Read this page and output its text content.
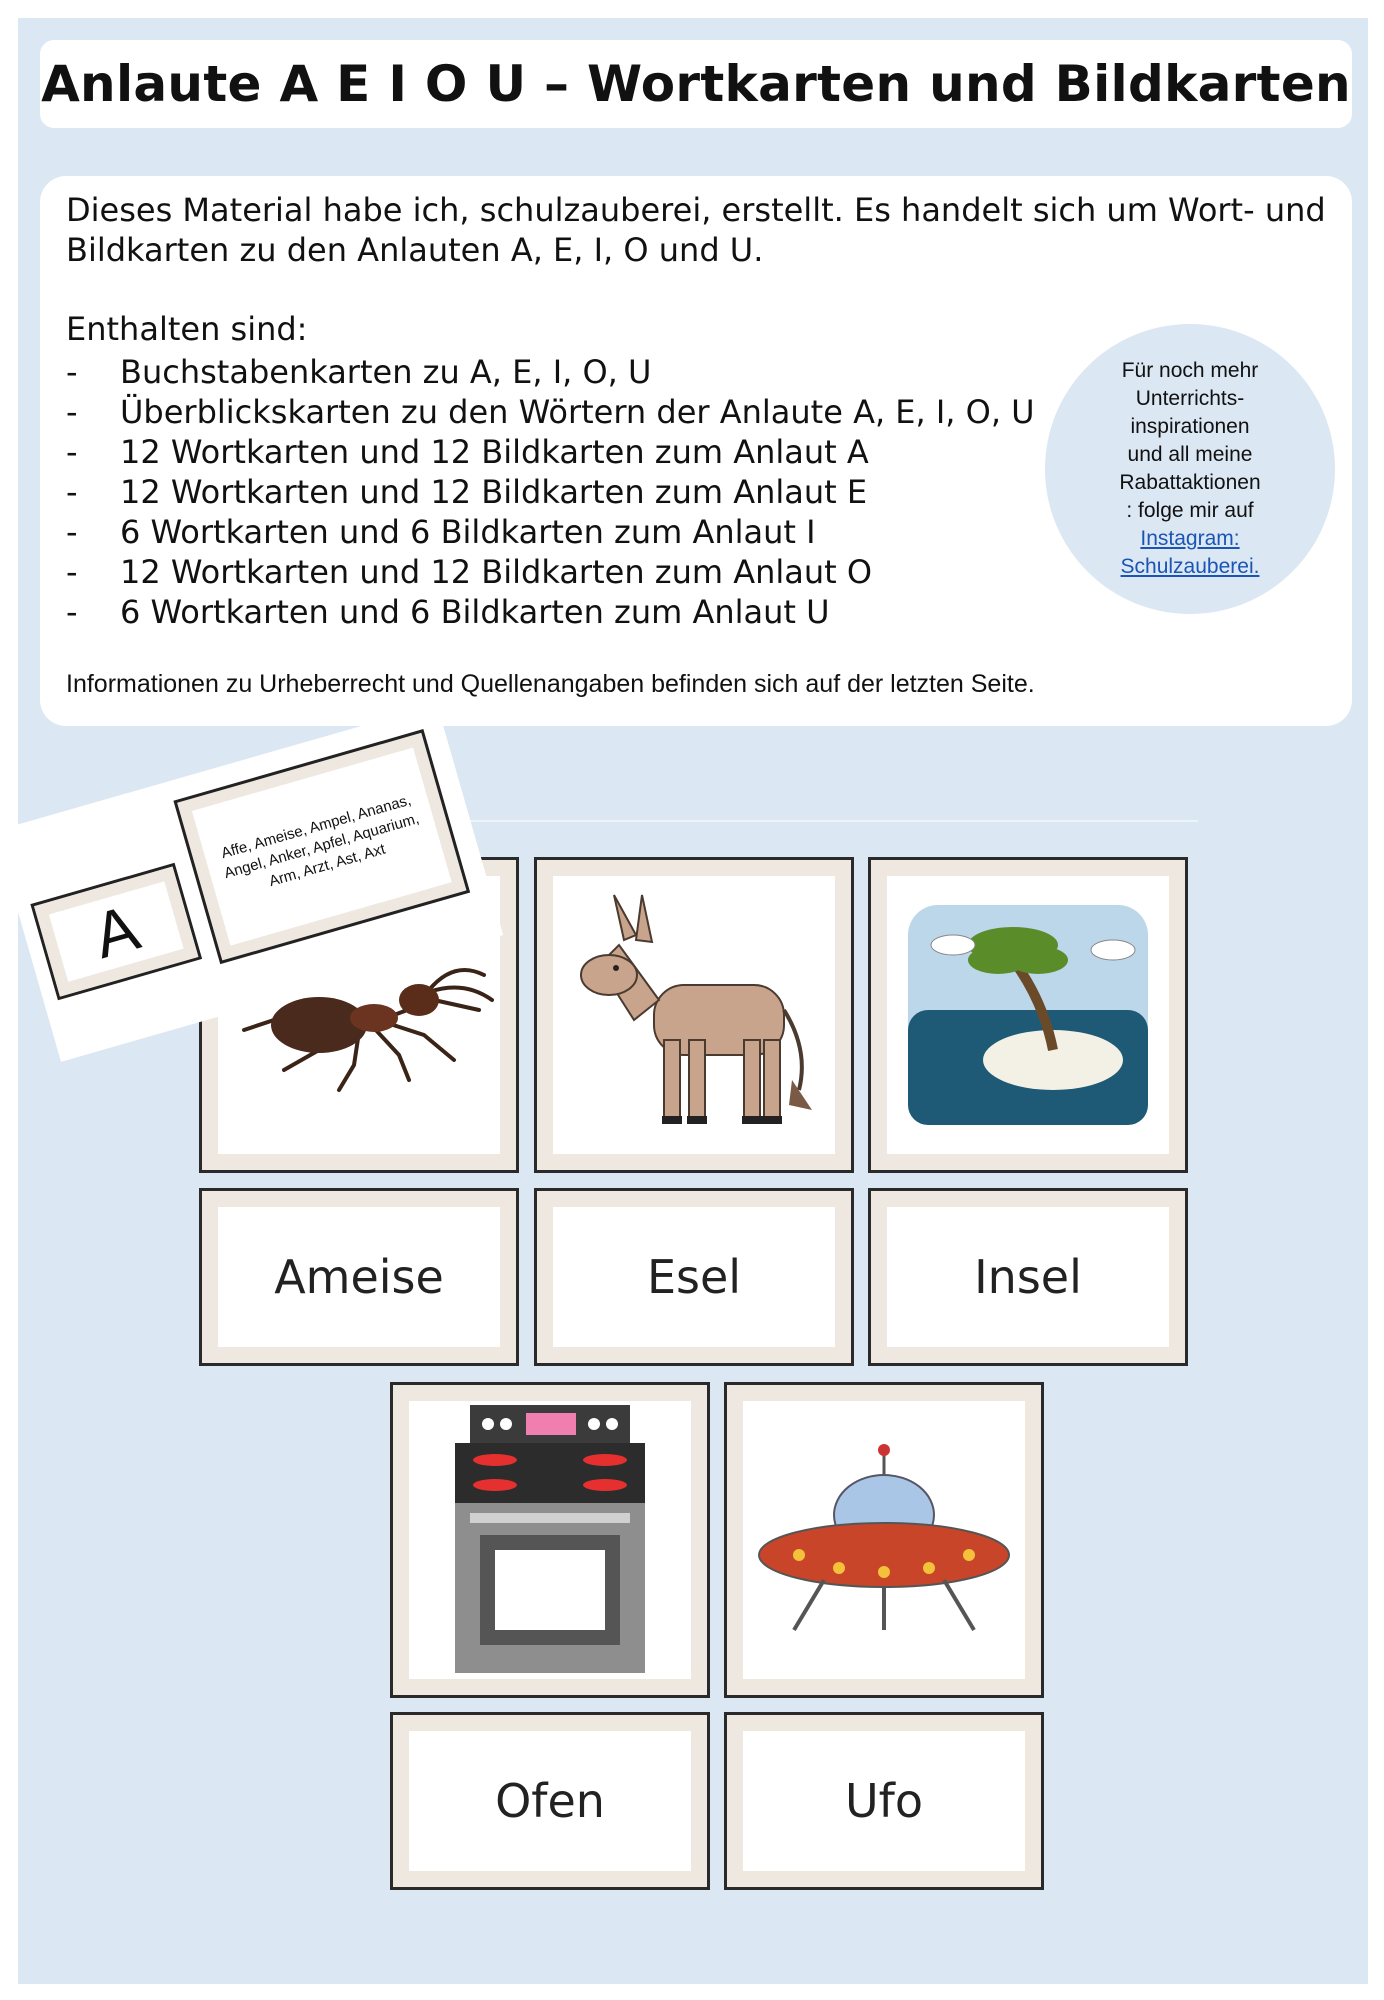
Anlaute A E I O U – Wortkarten und Bildkarten

Dieses Material habe ich, schulzauberei, erstellt. Es handelt sich um Wort- und Bildkarten zu den Anlauten A, E, I, O und U.

Enthalten sind:

-	Buchstabenkarten zu A, E, I, O, U
-	Überblickskarten zu den Wörtern der Anlaute A, E, I, O, U
-	12 Wortkarten und 12 Bildkarten zum Anlaut A
-	12 Wortkarten und 12 Bildkarten zum Anlaut E
-	6 Wortkarten und 6 Bildkarten zum Anlaut I
-	12 Wortkarten und 12 Bildkarten zum Anlaut O
-	6 Wortkarten und 6 Bildkarten zum Anlaut U
Für noch mehr
Unterrichts-
inspirationen
und all meine
Rabattaktionen
: folge mir auf
Instagram:
Schulzauberei.

Informationen zu Urheberrecht und Quellenangaben befinden sich auf der letzten Seite.

Ameise	Esel	Insel
Ofen	Ufo
A
Affe, Ameise, Ampel, Ananas, Angel, Anker, Apfel, Aquarium, Arm, Arzt, Ast, Axt
